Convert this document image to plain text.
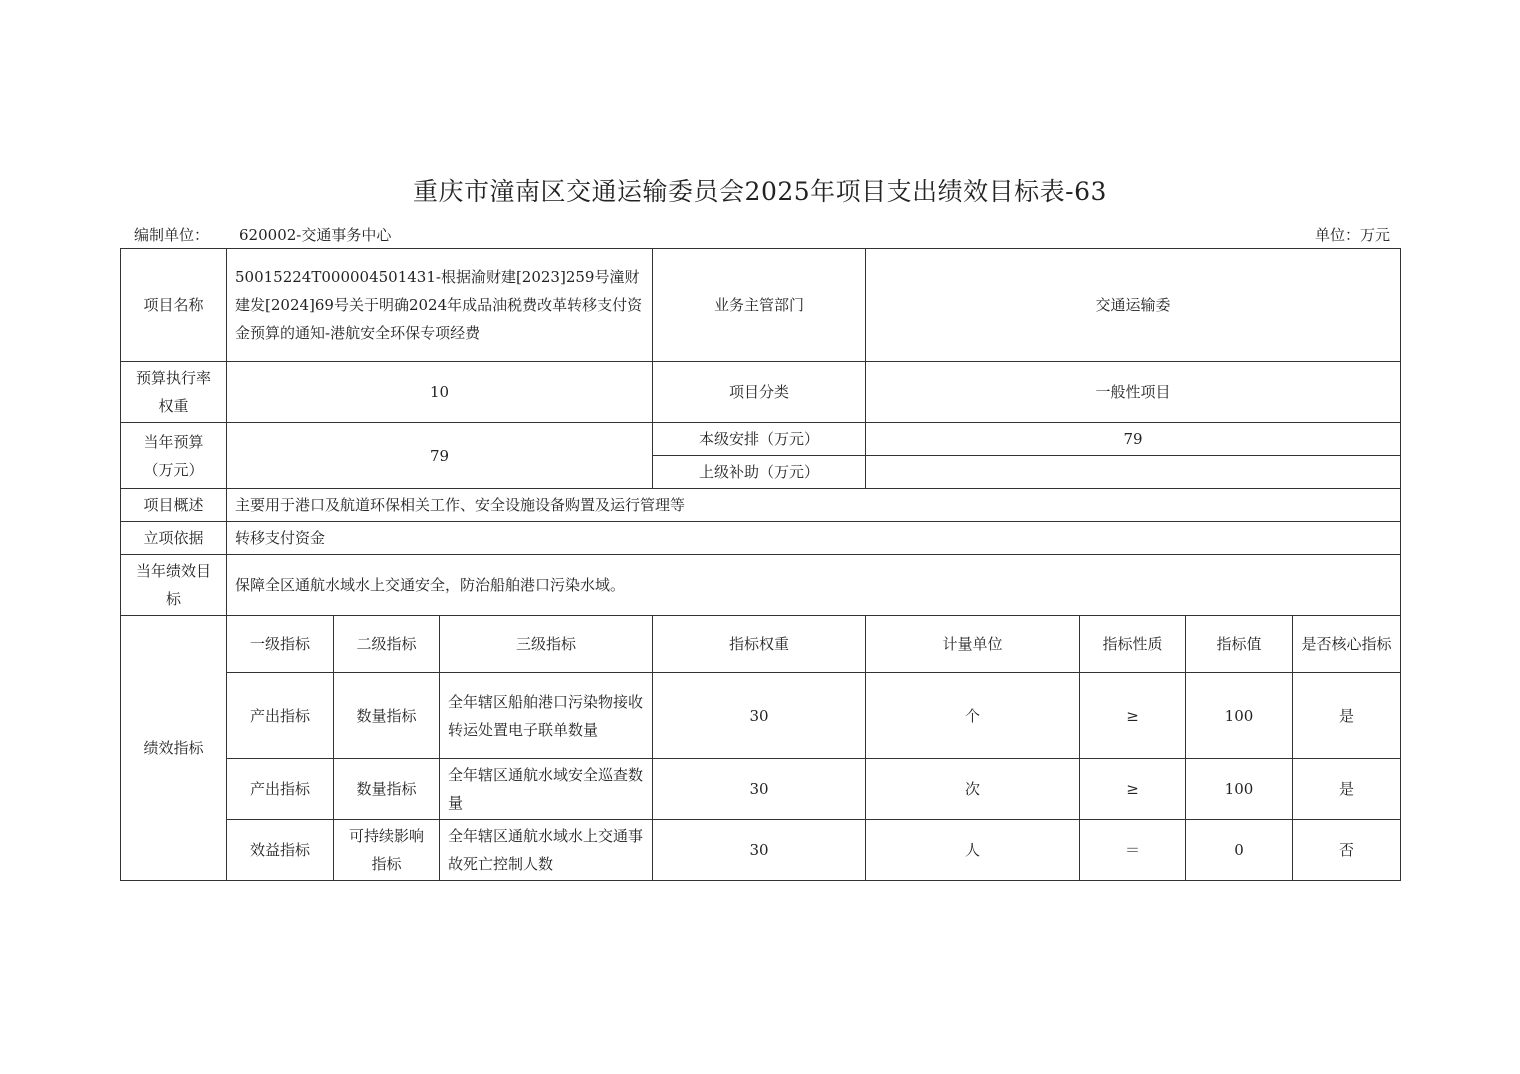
重庆市潼南区交通运输委员会2025年项目支出绩效目标表-63
编制单位： 620002-交通事务中心	单位：万元
项目名称	50015224T000004501431-根据渝财建[2023]259号潼财建发[2024]69号关于明确2024年成品油税费改革转移支付资金预算的通知-港航安全环保专项经费			业务主管部门	交通运输委			
预算执行率权重	10			项目分类	一般性项目			
当年预算（万元）	79			本级安排（万元）	79			
				上级补助（万元）				
项目概述	主要用于港口及航道环保相关工作、安全设施设备购置及运行管理等							
立项依据	转移支付资金							
当年绩效目标	保障全区通航水域水上交通安全，防治船舶港口污染水域。							
绩效指标	一级指标	二级指标	三级指标	指标权重	计量单位	指标性质	指标值	是否核心指标
	产出指标	数量指标	全年辖区船舶港口污染物接收转运处置电子联单数量	30	个	≥	100	是
	产出指标	数量指标	全年辖区通航水域安全巡查数量	30	次	≥	100	是
	效益指标	可持续影响指标	全年辖区通航水域水上交通事故死亡控制人数	30	人	＝	0	否
